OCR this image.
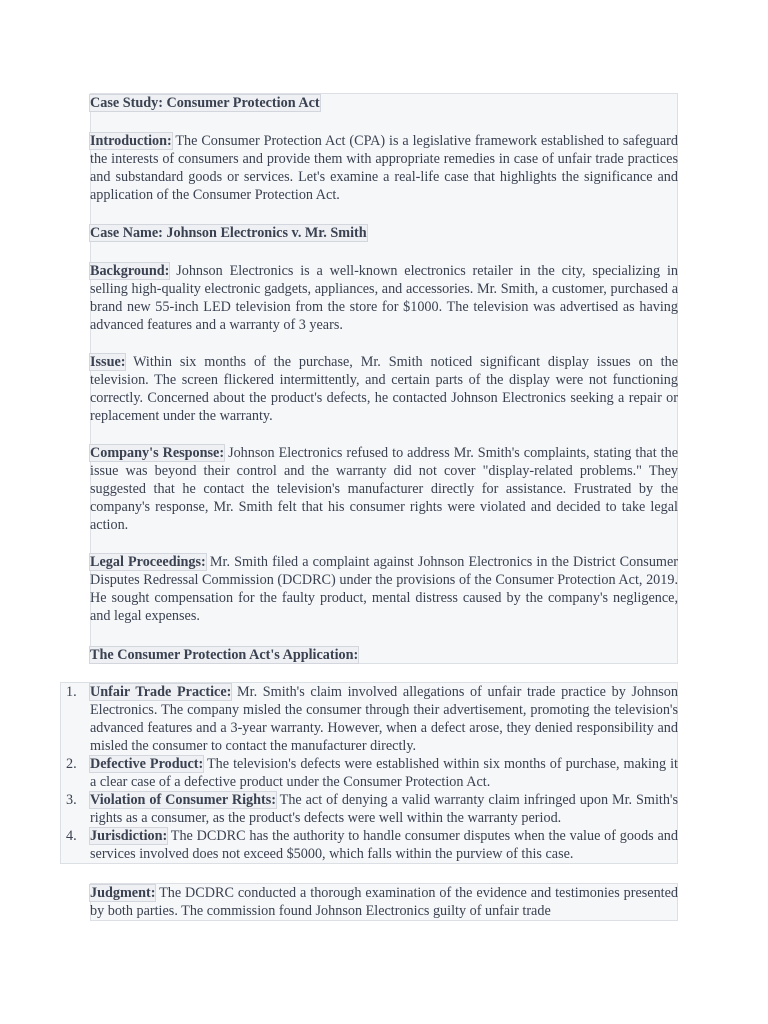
Case Study: Consumer Protection Act

Introduction: The Consumer Protection Act (CPA) is a legislative framework established to safeguard the interests of consumers and provide them with appropriate remedies in case of unfair trade practices and substandard goods or services. Let's examine a real-life case that highlights the significance and application of the Consumer Protection Act.

Case Name: Johnson Electronics v. Mr. Smith

Background: Johnson Electronics is a well-known electronics retailer in the city, specializing in selling high-quality electronic gadgets, appliances, and accessories. Mr. Smith, a customer, purchased a brand new 55-inch LED television from the store for $1000. The television was advertised as having advanced features and a warranty of 3 years.

Issue: Within six months of the purchase, Mr. Smith noticed significant display issues on the television. The screen flickered intermittently, and certain parts of the display were not functioning correctly. Concerned about the product's defects, he contacted Johnson Electronics seeking a repair or replacement under the warranty.

Company's Response: Johnson Electronics refused to address Mr. Smith's complaints, stating that the issue was beyond their control and the warranty did not cover "display-related problems." They suggested that he contact the television's manufacturer directly for assistance. Frustrated by the company's response, Mr. Smith felt that his consumer rights were violated and decided to take legal action.

Legal Proceedings: Mr. Smith filed a complaint against Johnson Electronics in the District Consumer Disputes Redressal Commission (DCDRC) under the provisions of the Consumer Protection Act, 2019. He sought compensation for the faulty product, mental distress caused by the company's negligence, and legal expenses.

The Consumer Protection Act's Application:

1. Unfair Trade Practice: Mr. Smith's claim involved allegations of unfair trade practice by Johnson Electronics. The company misled the consumer through their advertisement, promoting the television's advanced features and a 3-year warranty. However, when a defect arose, they denied responsibility and misled the consumer to contact the manufacturer directly.
2. Defective Product: The television's defects were established within six months of purchase, making it a clear case of a defective product under the Consumer Protection Act.
3. Violation of Consumer Rights: The act of denying a valid warranty claim infringed upon Mr. Smith's rights as a consumer, as the product's defects were well within the warranty period.
4. Jurisdiction: The DCDRC has the authority to handle consumer disputes when the value of goods and services involved does not exceed $5000, which falls within the purview of this case.

Judgment: The DCDRC conducted a thorough examination of the evidence and testimonies presented by both parties. The commission found Johnson Electronics guilty of unfair trade
